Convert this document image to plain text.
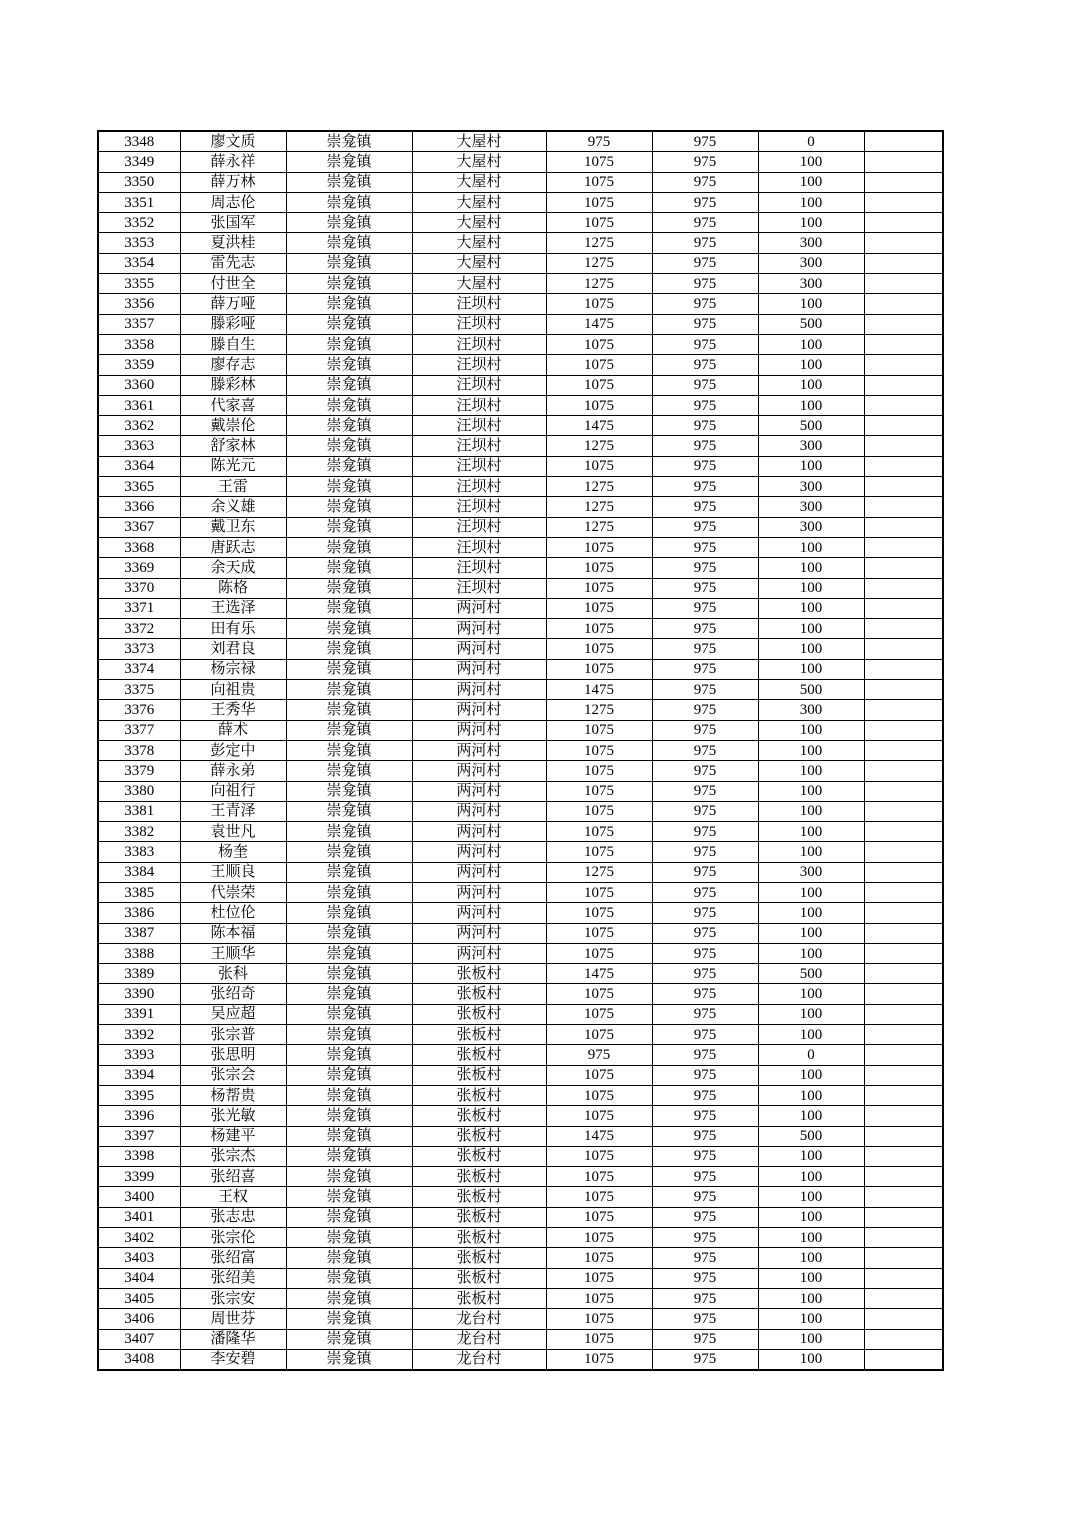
3348	廖文质	崇龛镇	大屋村	975	975	0	
3349	薛永祥	崇龛镇	大屋村	1075	975	100	
3350	薛万林	崇龛镇	大屋村	1075	975	100	
3351	周志伦	崇龛镇	大屋村	1075	975	100	
3352	张国军	崇龛镇	大屋村	1075	975	100	
3353	夏洪桂	崇龛镇	大屋村	1275	975	300	
3354	雷先志	崇龛镇	大屋村	1275	975	300	
3355	付世全	崇龛镇	大屋村	1275	975	300	
3356	薛万哑	崇龛镇	汪坝村	1075	975	100	
3357	滕彩哑	崇龛镇	汪坝村	1475	975	500	
3358	滕自生	崇龛镇	汪坝村	1075	975	100	
3359	廖存志	崇龛镇	汪坝村	1075	975	100	
3360	滕彩林	崇龛镇	汪坝村	1075	975	100	
3361	代家喜	崇龛镇	汪坝村	1075	975	100	
3362	戴崇伦	崇龛镇	汪坝村	1475	975	500	
3363	舒家林	崇龛镇	汪坝村	1275	975	300	
3364	陈光元	崇龛镇	汪坝村	1075	975	100	
3365	王雷	崇龛镇	汪坝村	1275	975	300	
3366	余义雄	崇龛镇	汪坝村	1275	975	300	
3367	戴卫东	崇龛镇	汪坝村	1275	975	300	
3368	唐跃志	崇龛镇	汪坝村	1075	975	100	
3369	余天成	崇龛镇	汪坝村	1075	975	100	
3370	陈格	崇龛镇	汪坝村	1075	975	100	
3371	王选泽	崇龛镇	两河村	1075	975	100	
3372	田有乐	崇龛镇	两河村	1075	975	100	
3373	刘君良	崇龛镇	两河村	1075	975	100	
3374	杨宗禄	崇龛镇	两河村	1075	975	100	
3375	向祖贵	崇龛镇	两河村	1475	975	500	
3376	王秀华	崇龛镇	两河村	1275	975	300	
3377	薛术	崇龛镇	两河村	1075	975	100	
3378	彭定中	崇龛镇	两河村	1075	975	100	
3379	薛永弟	崇龛镇	两河村	1075	975	100	
3380	向祖行	崇龛镇	两河村	1075	975	100	
3381	王青泽	崇龛镇	两河村	1075	975	100	
3382	袁世凡	崇龛镇	两河村	1075	975	100	
3383	杨奎	崇龛镇	两河村	1075	975	100	
3384	王顺良	崇龛镇	两河村	1275	975	300	
3385	代崇荣	崇龛镇	两河村	1075	975	100	
3386	杜位伦	崇龛镇	两河村	1075	975	100	
3387	陈本福	崇龛镇	两河村	1075	975	100	
3388	王顺华	崇龛镇	两河村	1075	975	100	
3389	张科	崇龛镇	张板村	1475	975	500	
3390	张绍奇	崇龛镇	张板村	1075	975	100	
3391	吴应超	崇龛镇	张板村	1075	975	100	
3392	张宗普	崇龛镇	张板村	1075	975	100	
3393	张思明	崇龛镇	张板村	975	975	0	
3394	张宗会	崇龛镇	张板村	1075	975	100	
3395	杨帮贵	崇龛镇	张板村	1075	975	100	
3396	张光敏	崇龛镇	张板村	1075	975	100	
3397	杨建平	崇龛镇	张板村	1475	975	500	
3398	张宗杰	崇龛镇	张板村	1075	975	100	
3399	张绍喜	崇龛镇	张板村	1075	975	100	
3400	王权	崇龛镇	张板村	1075	975	100	
3401	张志忠	崇龛镇	张板村	1075	975	100	
3402	张宗伦	崇龛镇	张板村	1075	975	100	
3403	张绍富	崇龛镇	张板村	1075	975	100	
3404	张绍美	崇龛镇	张板村	1075	975	100	
3405	张宗安	崇龛镇	张板村	1075	975	100	
3406	周世芬	崇龛镇	龙台村	1075	975	100	
3407	潘隆华	崇龛镇	龙台村	1075	975	100	
3408	李安碧	崇龛镇	龙台村	1075	975	100	
